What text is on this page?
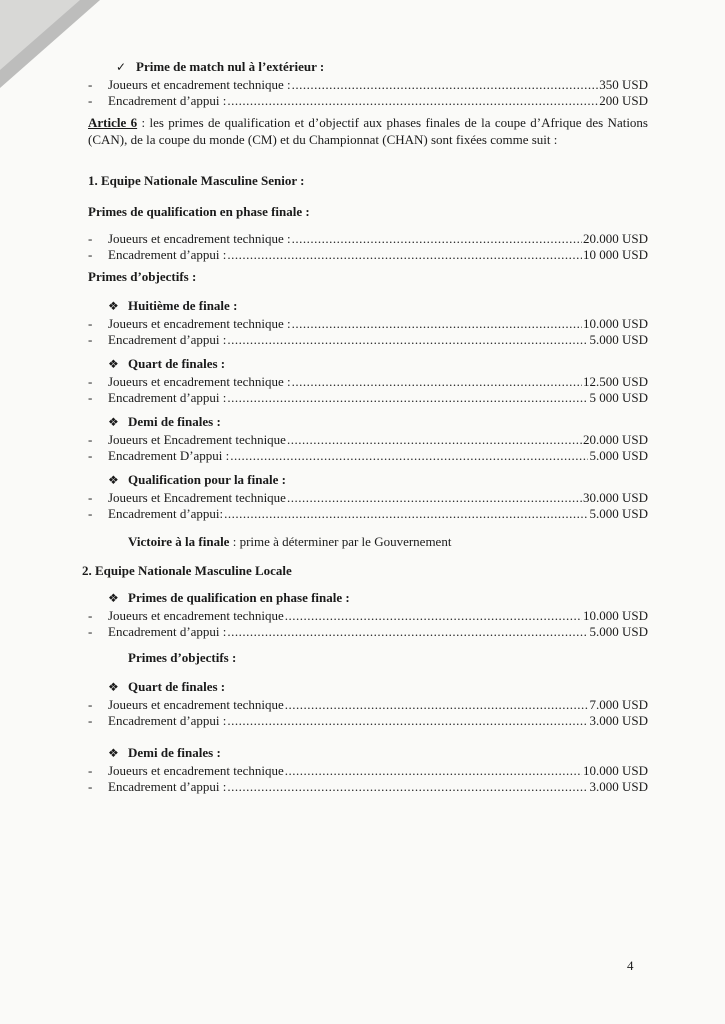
✓ Prime de match nul à l’extérieur :
- Joueurs et encadrement technique : .....	350 USD
- Encadrement d’appui : .....	200 USD
Article 6 : les primes de qualification et d’objectif aux phases finales de la coupe d’Afrique des Nations (CAN), de la coupe du monde (CM) et du Championnat (CHAN) sont fixées comme suit :
1. Equipe Nationale Masculine Senior :
Primes de qualification en phase finale :
- Joueurs et encadrement technique : .....	20.000 USD
- Encadrement d’appui : .....	10 000 USD
Primes d’objectifs :
❖ Huitième de finale :
- Joueurs et encadrement technique : .....	10.000 USD
- Encadrement d’appui : .....	5.000 USD
❖ Quart de finales :
- Joueurs et encadrement technique : .....	12.500 USD
- Encadrement d’appui : .....	5 000 USD
❖ Demi de finales :
- Joueurs et Encadrement technique .....	20.000 USD
- Encadrement D’appui : .....	5.000 USD
❖ Qualification pour la finale :
- Joueurs et Encadrement technique .....	30.000 USD
- Encadrement d’appui: .....	5.000 USD
Victoire à la finale : prime à déterminer par le Gouvernement
2. Equipe Nationale Masculine Locale
❖ Primes de qualification en phase finale :
- Joueurs et encadrement technique .....	10.000 USD
- Encadrement d’appui : .....	5.000 USD
Primes d’objectifs :
❖ Quart de finales :
- Joueurs et encadrement technique .....	7.000 USD
- Encadrement d’appui : .....	3.000 USD
❖ Demi de finales :
- Joueurs et encadrement technique .....	10.000 USD
- Encadrement d’appui : .....	3.000 USD
4
